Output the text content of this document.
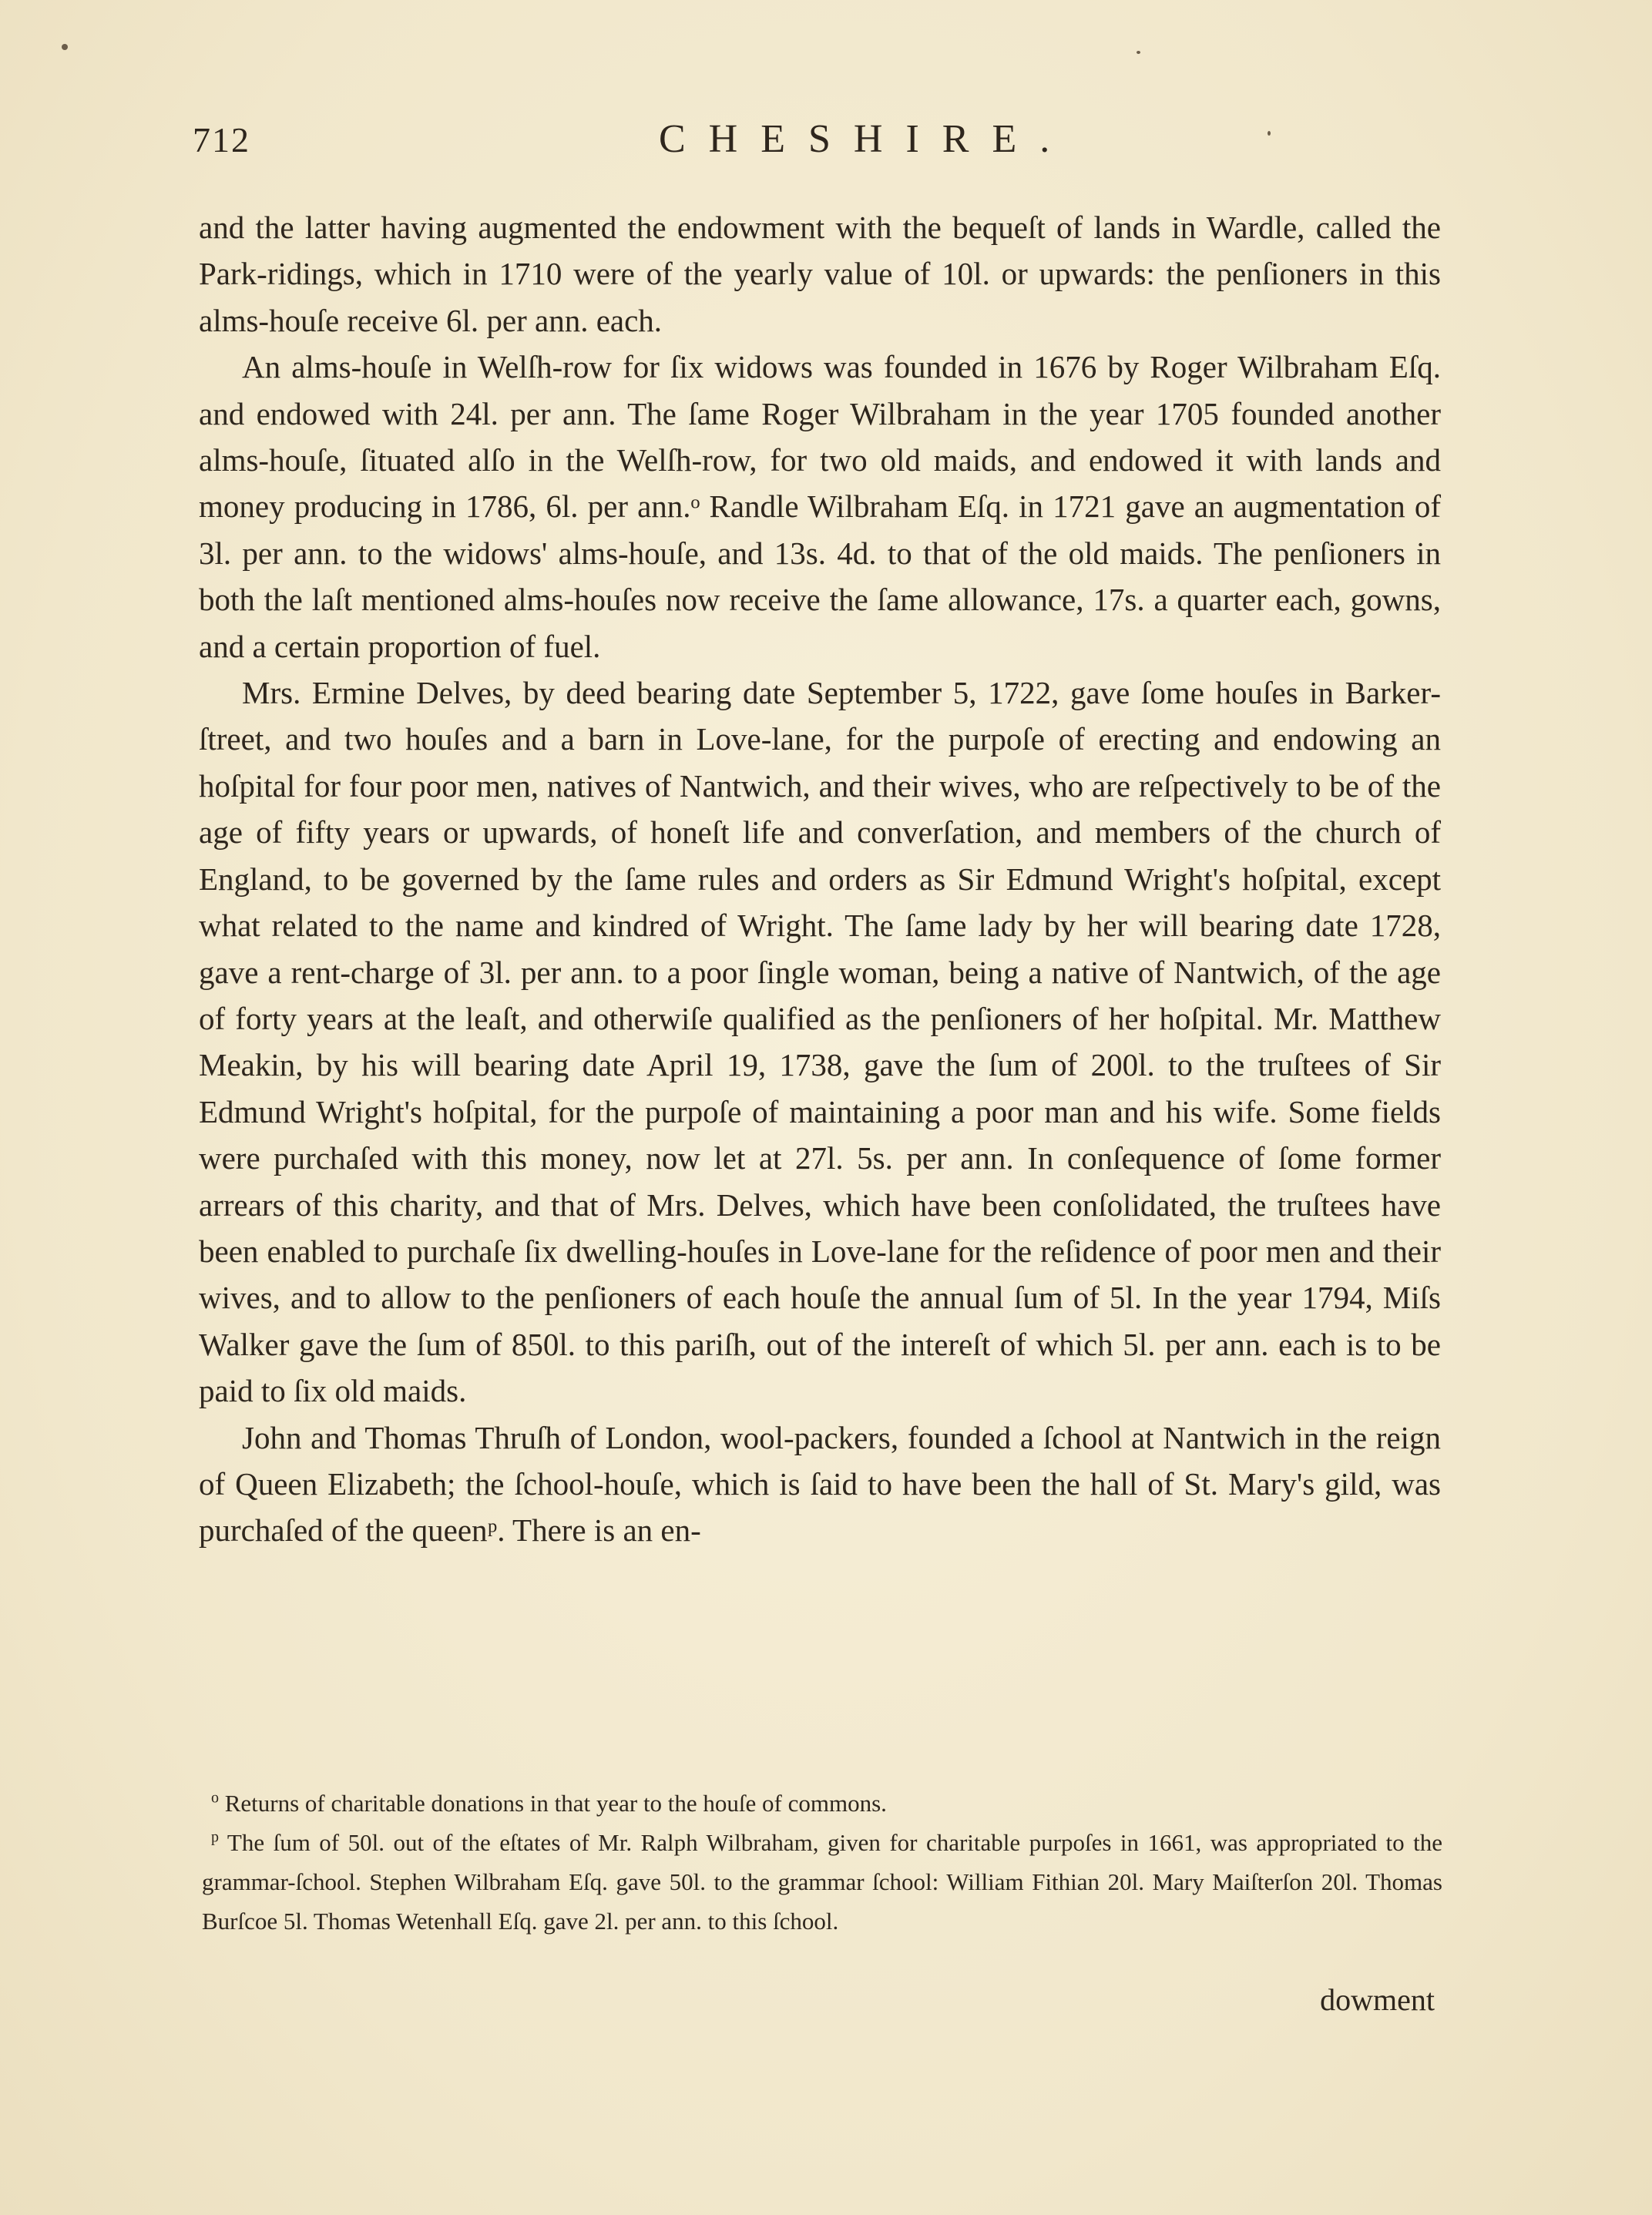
712	CHESHIRE.

and the latter having augmented the endowment with the bequeſt of lands in Wardle, called the Park-ridings, which in 1710 were of the yearly value of 10l. or upwards: the penſioners in this alms-houſe receive 6l. per ann. each.

An alms-houſe in Welſh-row for ſix widows was founded in 1676 by Roger Wilbraham Eſq. and endowed with 24l. per ann. The ſame Roger Wilbraham in the year 1705 founded another alms-houſe, ſituated alſo in the Welſh-row, for two old maids, and endowed it with lands and money producing in 1786, 6l. per ann.ᵒ Randle Wilbraham Eſq. in 1721 gave an augmentation of 3l. per ann. to the widows' alms-houſe, and 13s. 4d. to that of the old maids. The penſioners in both the laſt mentioned alms-houſes now receive the ſame allowance, 17s. a quarter each, gowns, and a certain proportion of fuel.

Mrs. Ermine Delves, by deed bearing date September 5, 1722, gave ſome houſes in Barker-ſtreet, and two houſes and a barn in Love-lane, for the purpoſe of erecting and endowing an hoſpital for four poor men, natives of Nantwich, and their wives, who are reſpectively to be of the age of fifty years or upwards, of honeſt life and converſation, and members of the church of England, to be governed by the ſame rules and orders as Sir Edmund Wright's hoſpital, except what related to the name and kindred of Wright. The ſame lady by her will bearing date 1728, gave a rent-charge of 3l. per ann. to a poor ſingle woman, being a native of Nantwich, of the age of forty years at the leaſt, and otherwiſe qualified as the penſioners of her hoſpital. Mr. Matthew Meakin, by his will bearing date April 19, 1738, gave the ſum of 200l. to the truſtees of Sir Edmund Wright's hoſpital, for the purpoſe of maintaining a poor man and his wife. Some fields were purchaſed with this money, now let at 27l. 5s. per ann. In conſequence of ſome former arrears of this charity, and that of Mrs. Delves, which have been conſolidated, the truſtees have been enabled to purchaſe ſix dwelling-houſes in Love-lane for the reſidence of poor men and their wives, and to allow to the penſioners of each houſe the annual ſum of 5l. In the year 1794, Miſs Walker gave the ſum of 850l. to this pariſh, out of the intereſt of which 5l. per ann. each is to be paid to ſix old maids.

John and Thomas Thruſh of London, wool-packers, founded a ſchool at Nantwich in the reign of Queen Elizabeth; the ſchool-houſe, which is ſaid to have been the hall of St. Mary's gild, was purchaſed of the queenᵖ. There is an en-

$^o$ Returns of charitable donations in that year to the houſe of commons.

$^p$ The ſum of 50l. out of the eſtates of Mr. Ralph Wilbraham, given for charitable purpoſes in 1661, was appropriated to the grammar-ſchool. Stephen Wilbraham Eſq. gave 50l. to the grammar ſchool: William Fithian 20l. Mary Maiſterſon 20l. Thomas Burſcoe 5l. Thomas Wetenhall Eſq. gave 2l. per ann. to this ſchool.

dowment
